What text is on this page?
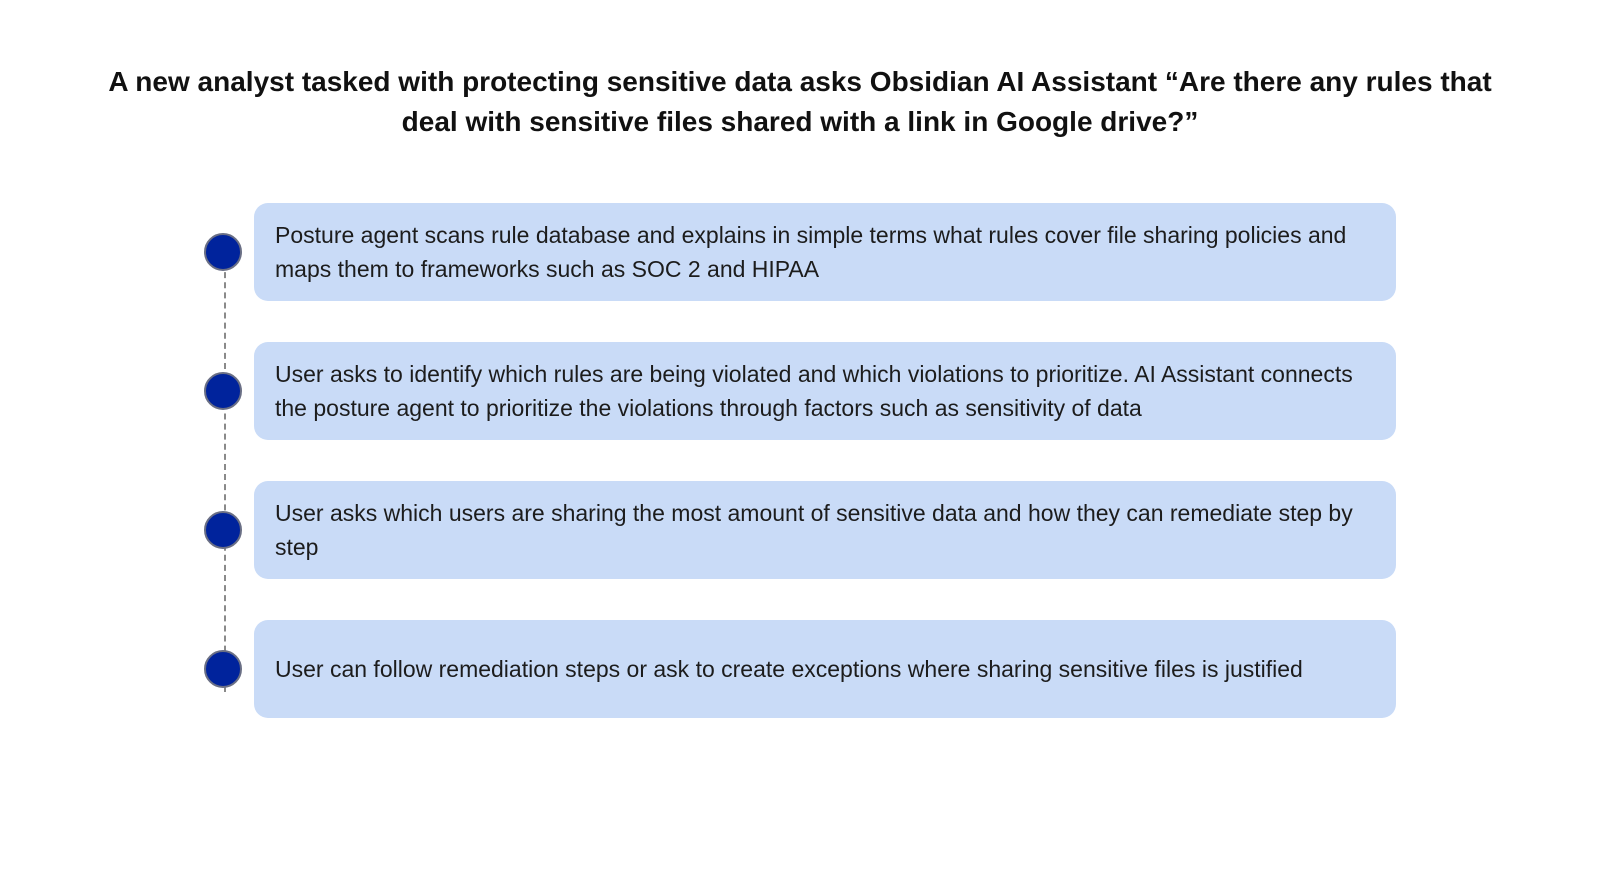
A new analyst tasked with protecting sensitive data asks Obsidian AI Assistant “Are there any rules that deal with sensitive files shared with a link in Google drive?”
Posture agent scans rule database and explains in simple terms what rules cover file sharing policies and maps them to frameworks such as SOC 2 and HIPAA
User asks to identify which rules are being violated and which violations to prioritize. AI Assistant connects the posture agent to prioritize the violations through factors such as sensitivity of data
User asks which users are sharing the most amount of sensitive data and how they can remediate step by step
User can follow remediation steps or ask to create exceptions where sharing sensitive files is justified
